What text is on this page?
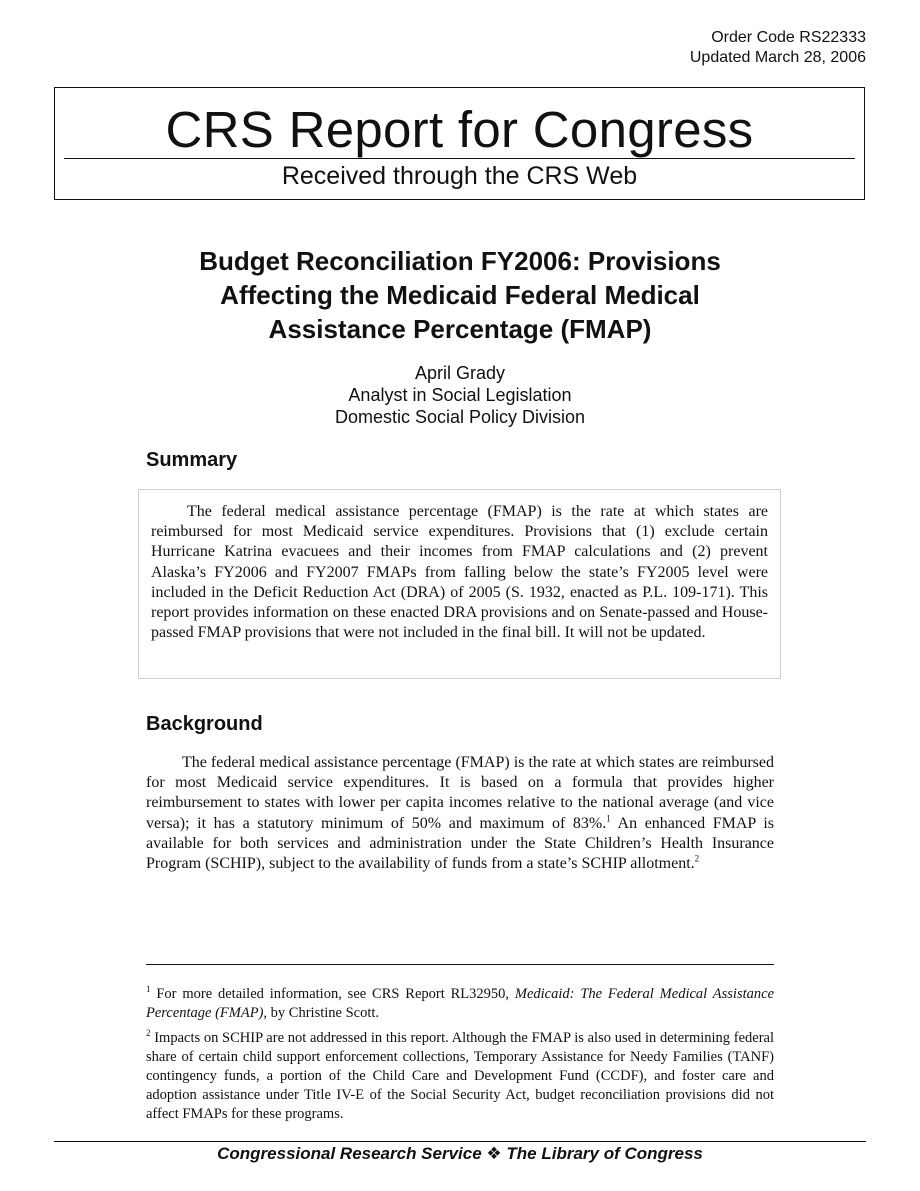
Order Code RS22333
Updated March 28, 2006
CRS Report for Congress
Received through the CRS Web
Budget Reconciliation FY2006: Provisions
Affecting the Medicaid Federal Medical
Assistance Percentage (FMAP)
April Grady
Analyst in Social Legislation
Domestic Social Policy Division
Summary

The federal medical assistance percentage (FMAP) is the rate at which states are reimbursed for most Medicaid service expenditures. Provisions that (1) exclude certain Hurricane Katrina evacuees and their incomes from FMAP calculations and (2) prevent Alaska’s FY2006 and FY2007 FMAPs from falling below the state’s FY2005 level were included in the Deficit Reduction Act (DRA) of 2005 (S. 1932, enacted as P.L. 109-171). This report provides information on these enacted DRA provisions and on Senate-passed and House-passed FMAP provisions that were not included in the final bill. It will not be updated.

Background

The federal medical assistance percentage (FMAP) is the rate at which states are reimbursed for most Medicaid service expenditures. It is based on a formula that provides higher reimbursement to states with lower per capita incomes relative to the national average (and vice versa); it has a statutory minimum of 50% and maximum of 83%.$^1$ An enhanced FMAP is available for both services and administration under the State Children’s Health Insurance Program (SCHIP), subject to the availability of funds from a state’s SCHIP allotment.$^2$

$^1$ For more detailed information, see CRS Report RL32950, Medicaid: The Federal Medical Assistance Percentage (FMAP), by Christine Scott.

$^2$ Impacts on SCHIP are not addressed in this report. Although the FMAP is also used in determining federal share of certain child support enforcement collections, Temporary Assistance for Needy Families (TANF) contingency funds, a portion of the Child Care and Development Fund (CCDF), and foster care and adoption assistance under Title IV-E of the Social Security Act, budget reconciliation provisions did not affect FMAPs for these programs.

Congressional Research Service ❖ The Library of Congress
